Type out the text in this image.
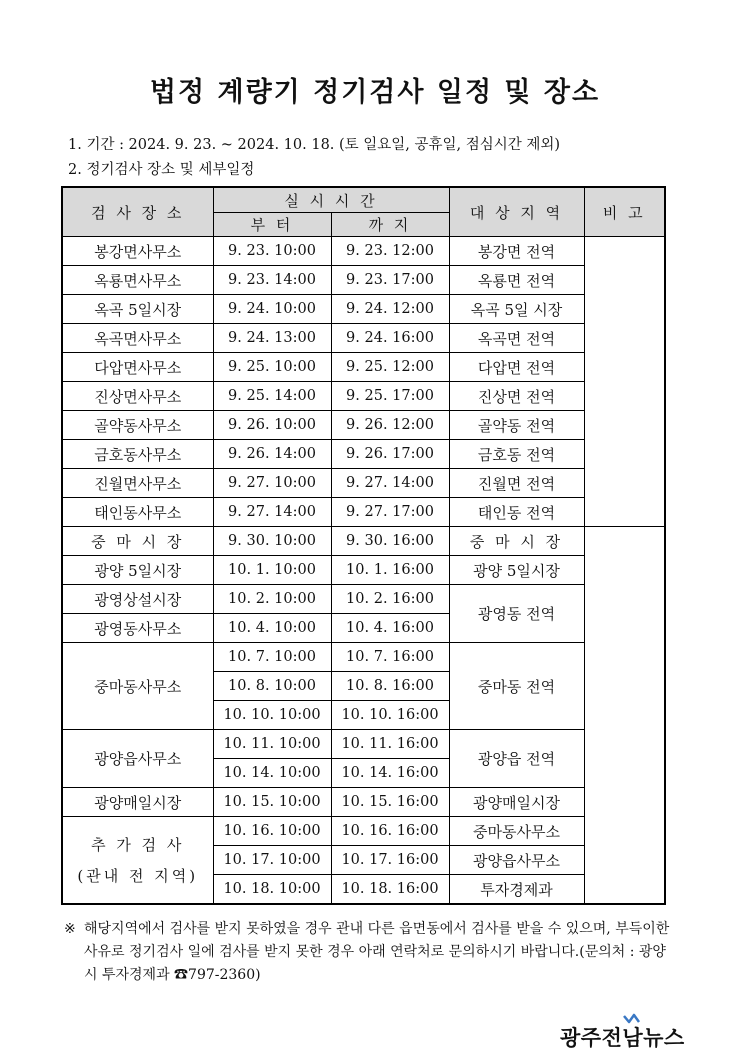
법정 계량기 정기검사 일정 및 장소
1. 기간 : 2024. 9. 23. ~ 2024. 10. 18. (토 일요일, 공휴일, 점심시간 제외)
2. 정기검사 장소 및 세부일정
검 사 장 소	실 시 시 간		대 상 지 역	비 고
	부 터	까 지		
봉강면사무소	9. 23. 10:00	9. 23. 12:00	봉강면 전역	
옥룡면사무소	9. 23. 14:00	9. 23. 17:00	옥룡면 전역	
옥곡 5일시장	9. 24. 10:00	9. 24. 12:00	옥곡 5일 시장	
옥곡면사무소	9. 24. 13:00	9. 24. 16:00	옥곡면 전역	
다압면사무소	9. 25. 10:00	9. 25. 12:00	다압면 전역	
진상면사무소	9. 25. 14:00	9. 25. 17:00	진상면 전역	
골약동사무소	9. 26. 10:00	9. 26. 12:00	골약동 전역	
금호동사무소	9. 26. 14:00	9. 26. 17:00	금호동 전역	
진월면사무소	9. 27. 10:00	9. 27. 14:00	진월면 전역	
태인동사무소	9. 27. 14:00	9. 27. 17:00	태인동 전역	
중 마 시 장	9. 30. 10:00	9. 30. 16:00	중 마 시 장	
광양 5일시장	10. 1. 10:00	10. 1. 16:00	광양 5일시장	
광영상설시장	10. 2. 10:00	10. 2. 16:00	광영동 전역	
광영동사무소	10. 4. 10:00	10. 4. 16:00		
중마동사무소	10. 7. 10:00	10. 7. 16:00	중마동 전역	
	10. 8. 10:00	10. 8. 16:00		
	10. 10. 10:00	10. 10. 16:00		
광양읍사무소	10. 11. 10:00	10. 11. 16:00	광양읍 전역	
	10. 14. 10:00	10. 14. 16:00		
광양매일시장	10. 15. 10:00	10. 15. 16:00	광양매일시장	

추 가 검 사
(관내 전 지역)	10. 16. 10:00	10. 16. 16:00	중마동사무소	
	10. 17. 10:00	10. 17. 16:00	광양읍사무소	
	10. 18. 10:00	10. 18. 16:00	투자경제과	
※ 해당지역에서 검사를 받지 못하였을 경우 관내 다른 읍면동에서 검사를 받을 수 있으며, 부득이한 사유로 정기검사 일에 검사를 받지 못한 경우 아래 연락처로 문의하시기 바랍니다.(문의처 : 광양시 투자경제과 ☎797-2360)
광주전남뉴스
